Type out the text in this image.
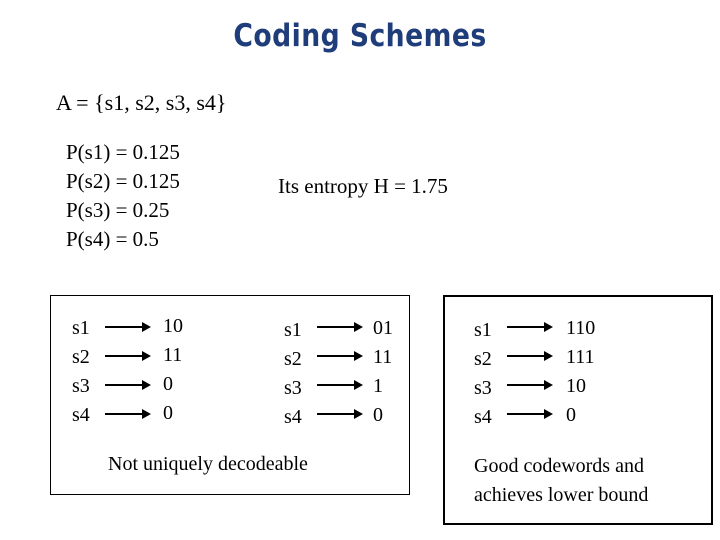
Coding Schemes
A = {s1, s2, s3, s4}
P(s1) = 0.125
P(s2) = 0.125
P(s3) = 0.25
P(s4) = 0.5
Its entropy H = 1.75
s1
s2
s3
s4
10
11
0
0
s1
s2
s3
s4
01
11
1
0
Not uniquely decodeable
s1
s2
s3
s4
110
111
10
0
Good codewords and
achieves lower bound
